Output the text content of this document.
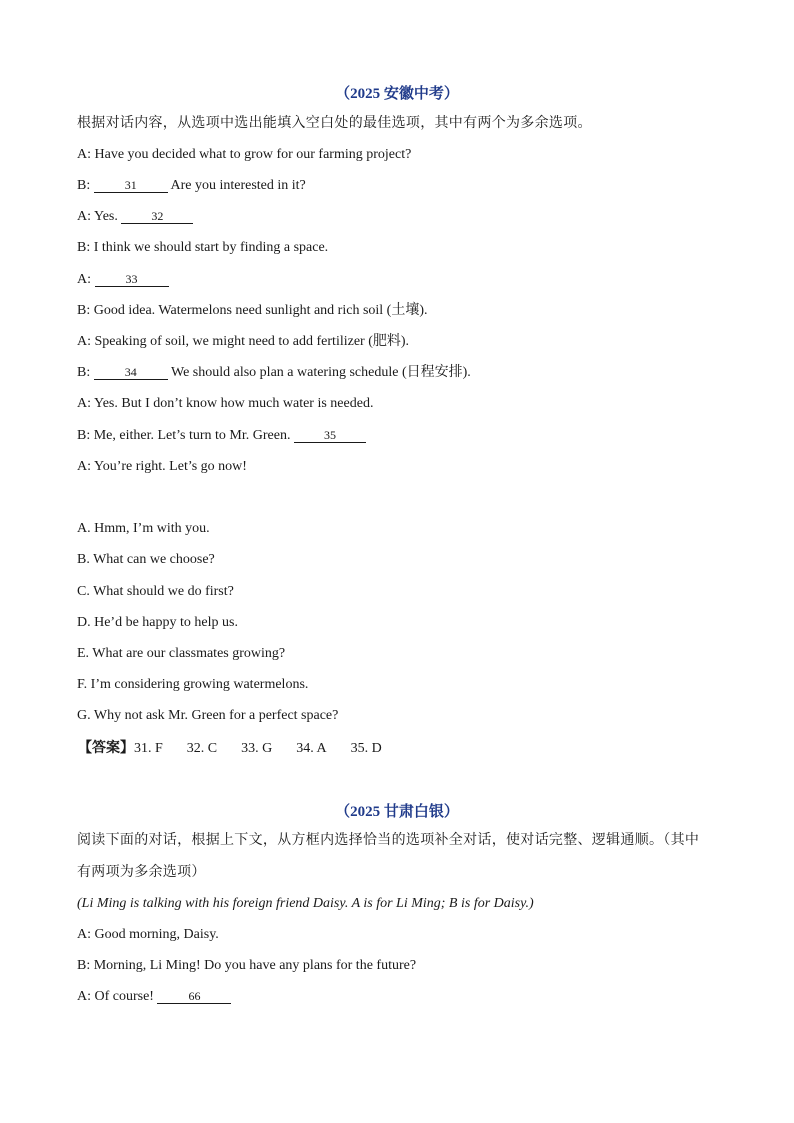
（2025 安徽中考）
根据对话内容，从选项中选出能填入空白处的最佳选项，其中有两个为多余选项。
A: Have you decided what to grow for our farming project?
B:	31 Are you interested in it?
A: Yes.	32
B: I think we should start by finding a space.
A:	33
B: Good idea. Watermelons need sunlight and rich soil (土壤).
A: Speaking of soil, we might need to add fertilizer (肥料).
B:	34 We should also plan a watering schedule (日程安排).
A: Yes. But I don’t know how much water is needed.
B: Me, either. Let’s turn to Mr. Green.	35
A: You’re right. Let’s go now!
A. Hmm, I’m with you.
B. What can we choose?
C. What should we do first?
D. He’d be happy to help us.
E. What are our classmates growing?
F. I’m considering growing watermelons.
G. Why not ask Mr. Green for a perfect space?
【答案】31. F 32. C 33. G 34. A 35. D
（2025 甘肃白银）
阅读下面的对话，根据上下文，从方框内选择恰当的选项补全对话，使对话完整、逻辑通顺。（其中
有两项为多余选项）
(Li Ming is talking with his foreign friend Daisy. A is for Li Ming; B is for Daisy.)
A: Good morning, Daisy.
B: Morning, Li Ming! Do you have any plans for the future?
A: Of course!	66
